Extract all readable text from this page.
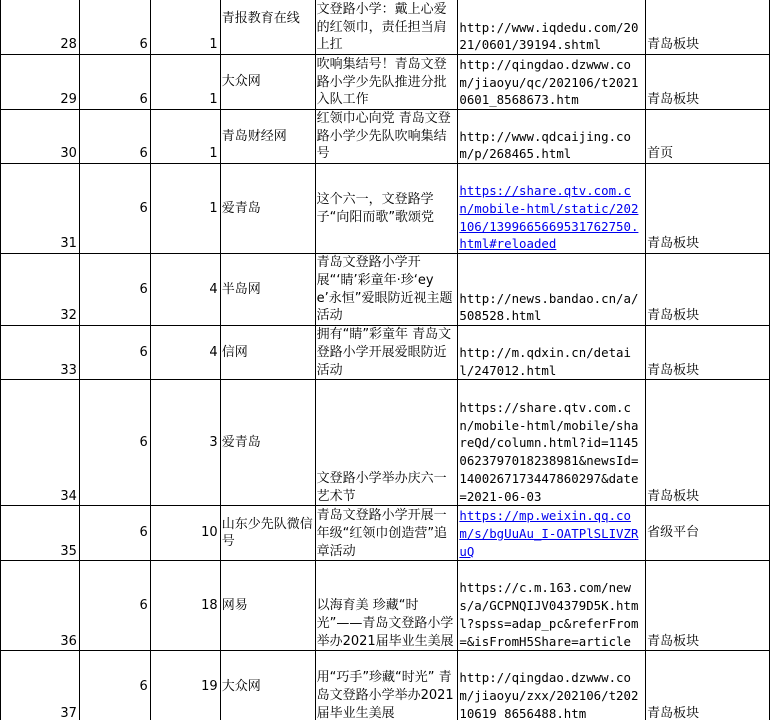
28	6	1	青报教育在线	文登路小学：戴上心爱的红领巾，责任担当肩上扛	http://www.iqdedu.com/2021/0601/39194.shtml	青岛板块
29	6	1	大众网	吹响集结号！青岛文登路小学少先队推进分批入队工作	http://qingdao.dzwww.com/jiaoyu/qc/202106/t20210601_8568673.htm	青岛板块
30	6	1	青岛财经网	红领巾心向党 青岛文登路小学少先队吹响集结号	http://www.qdcaijing.com/p/268465.html	首页
31	6	1	爱青岛	这个六一，文登路学子“向阳而歌”歌颂党	https://share.qtv.com.cn/mobile-html/static/202106/1399665669531762750.html#reloaded	青岛板块
32	6	4	半岛网	青岛文登路小学开展“‘睛’彩童年·珍‘eye’永恒”爱眼防近视主题活动	http://news.bandao.cn/a/508528.html	青岛板块
33	6	4	信网	拥有“睛”彩童年 青岛文登路小学开展爱眼防近活动	http://m.qdxin.cn/detail/247012.html	青岛板块
34	6	3	爱青岛	文登路小学举办庆六一艺术节	https://share.qtv.com.cn/mobile-html/mobile/shareQd/column.html?id=11450623797018238981&newsId=1400267173447860297&date=2021-06-03	青岛板块
35	6	10	山东少先队微信号	青岛文登路小学开展一年级“红领巾创造营”追章活动	https://mp.weixin.qq.com/s/bgUuAu_I-OATPlSLIVZRuQ	省级平台
36	6	18	网易	以海育美 珍藏“时光”——青岛文登路小学举办2021届毕业生美展	https://c.m.163.com/news/a/GCPNQIJV04379D5K.html?spss=adap_pc&referFrom=&isFromH5Share=article	青岛板块
37	6	19	大众网	用“巧手”珍藏“时光” 青岛文登路小学举办2021届毕业生美展	http://qingdao.dzwww.com/jiaoyu/zxx/202106/t20210619_8656488.htm	青岛板块
